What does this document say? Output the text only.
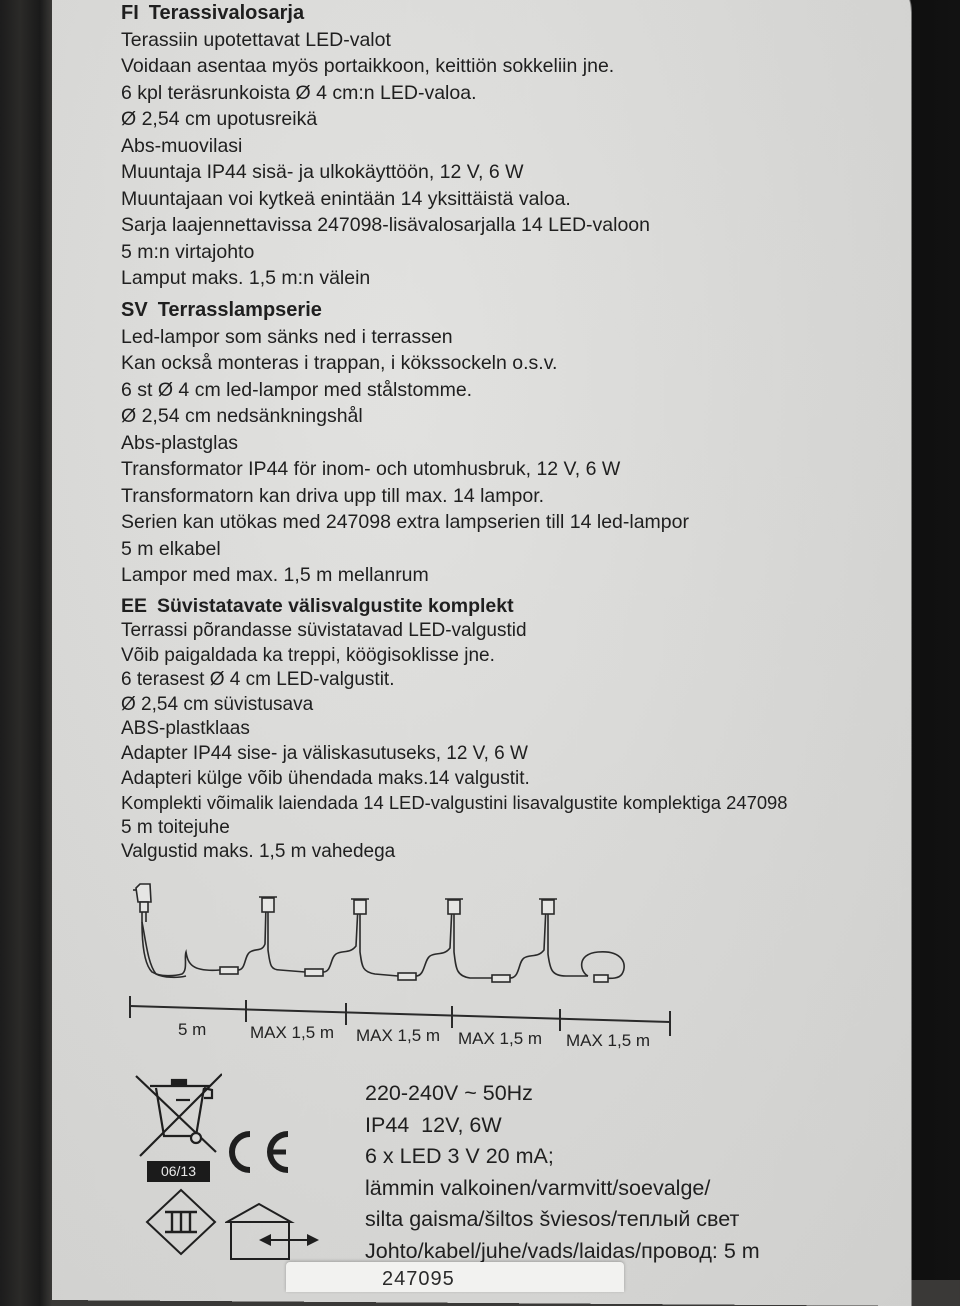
FI Terassivalosarja
Terassiin upotettavat LED-valot
Voidaan asentaa myös portaikkoon, keittiön sokkeliin jne.
6 kpl teräsrunkoista Ø 4 cm:n LED-valoa.
Ø 2,54 cm upotusreikä
Abs-muovilasi
Muuntaja IP44 sisä- ja ulkokäyttöön, 12 V, 6 W
Muuntajaan voi kytkeä enintään 14 yksittäistä valoa.
Sarja laajennettavissa 247098-lisävalosarjalla 14 LED-valoon
5 m:n virtajohto
Lamput maks. 1,5 m:n välein
SV Terrasslampserie
Led-lampor som sänks ned i terrassen
Kan också monteras i trappan, i kökssockeln o.s.v.
6 st Ø 4 cm led-lampor med stålstomme.
Ø 2,54 cm nedsänkningshål
Abs-plastglas
Transformator IP44 för inom- och utomhusbruk, 12 V, 6 W
Transformatorn kan driva upp till max. 14 lampor.
Serien kan utökas med 247098 extra lampserien till 14 led-lampor
5 m elkabel
Lampor med max. 1,5 m mellanrum
EE Süvistatavate välisvalgustite komplekt
Terrassi põrandasse süvistatavad LED-valgustid
Võib paigaldada ka treppi, köögisoklisse jne.
6 terasest Ø 4 cm LED-valgustit.
Ø 2,54 cm süvistusava
ABS-plastklaas
Adapter IP44 sise- ja väliskasutuseks, 12 V, 6 W
Adapteri külge võib ühendada maks.14 valgustit.
Komplekti võimalik laiendada 14 LED-valgustini lisavalgustite komplektiga 247098
5 m toitejuhe
Valgustid maks. 1,5 m vahedega
5 m	MAX 1,5 m MAX 1,5 m MAX 1,5 m MAX 1,5 m
06/13
220-240V ~ 50Hz
IP44  12V, 6W
6 x LED 3 V 20 mA;
lämmin valkoinen/varmvitt/soevalge/
silta gaisma/šiltos šviesos/теплый свет
Johto/kabel/juhe/vads/laidas/провод: 5 m
247095
